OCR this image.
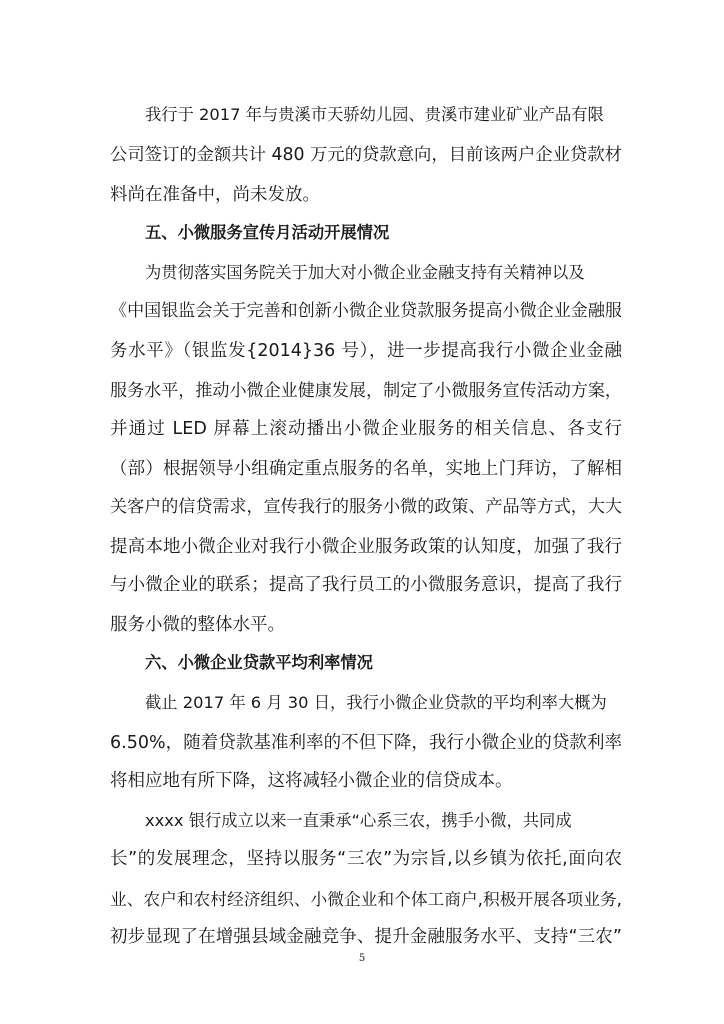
我行于 2017 年与贵溪市天骄幼儿园、贵溪市建业矿业产品有限
公司签订的金额共计 480 万元的贷款意向，目前该两户企业贷款材
料尚在准备中，尚未发放。
五、小微服务宣传月活动开展情况
为贯彻落实国务院关于加大对小微企业金融支持有关精神以及
《中国银监会关于完善和创新小微企业贷款服务提高小微企业金融服
务水平》（银监发{2014}36 号），进一步提高我行小微企业金融
服务水平，推动小微企业健康发展，制定了小微服务宣传活动方案，
并通过 LED 屏幕上滚动播出小微企业服务的相关信息、各支行
（部）根据领导小组确定重点服务的名单，实地上门拜访，了解相
关客户的信贷需求，宣传我行的服务小微的政策、产品等方式，大大
提高本地小微企业对我行小微企业服务政策的认知度，加强了我行
与小微企业的联系；提高了我行员工的小微服务意识，提高了我行
服务小微的整体水平。
六、小微企业贷款平均利率情况
截止 2017 年 6 月 30 日，我行小微企业贷款的平均利率大概为
6.50%，随着贷款基准利率的不但下降，我行小微企业的贷款利率
将相应地有所下降，这将减轻小微企业的信贷成本。
xxxx 银行成立以来一直秉承“心系三农，携手小微，共同成
长”的发展理念，坚持以服务“三农”为宗旨,以乡镇为依托,面向农
业、农户和农村经济组织、小微企业和个体工商户,积极开展各项业务,
初步显现了在增强县域金融竞争、提升金融服务水平、支持“三农”
5
